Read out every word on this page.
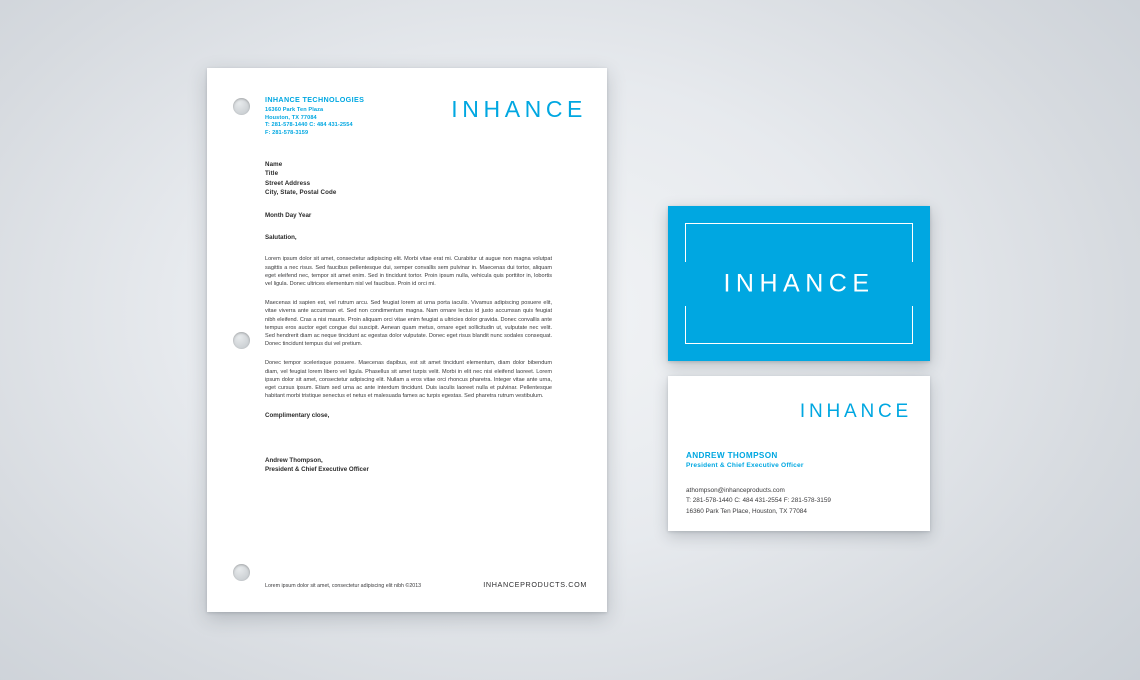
INHANCE TECHNOLOGIES
16360 Park Ten Plaza
Houston, TX 77084
T: 281-578-1440 C: 484 431-2554
F: 281-578-3159
INHANCE
Name
Title
Street Address
City, State, Postal Code
Month Day Year
Salutation,

Lorem ipsum dolor sit amet, consectetur adipiscing elit. Morbi vitae erat mi. Curabitur ut augue non magna volutpat sagittis a nec risus. Sed faucibus pellentesque dui, semper convallis sem pulvinar in. Maecenas dui tortor, aliquam eget eleifend nec, tempor sit amet enim. Sed in tincidunt tortor. Proin ipsum nulla, vehicula quis porttitor in, lobortis vel ligula. Donec ultrices elementum nisl vel faucibus. Proin id orci mi.

Maecenas id sapien est, vel rutrum arcu. Sed feugiat lorem at urna porta iaculis. Vivamus adipiscing posuere elit, vitae viverra ante accumsan et. Sed non condimentum magna. Nam ornare lectus id justo accumsan quis feugiat nibh eleifend. Cras a nisi mauris. Proin aliquam orci vitae enim feugiat a ultricies dolor gravida. Donec convallis ante tempus eros auctor eget congue dui suscipit. Aenean quam metus, ornare eget sollicitudin ut, vulputate nec velit. Sed hendrerit diam ac neque tincidunt ac egestas dolor vulputate. Donec eget risus blandit nunc sodales consequat. Donec tincidunt tempus dui vel pretium.

Donec tempor scelerisque posuere. Maecenas dapibus, est sit amet tincidunt elementum, diam dolor bibendum diam, vel feugiat lorem libero vel ligula. Phasellus sit amet turpis velit. Morbi in elit nec nisi eleifend laoreet. Lorem ipsum dolor sit amet, consectetur adipiscing elit. Nullam a eros vitae orci rhoncus pharetra. Integer vitae ante urna, eget cursus ipsum. Etiam sed urna ac ante interdum tincidunt. Duis iaculis laoreet nulla et pulvinar. Pellentesque habitant morbi tristique senectus et netus et malesuada fames ac turpis egestas. Sed pharetra rutrum vestibulum.

Complimentary close,
Andrew Thompson,
President & Chief Executive Officer
Lorem ipsum dolor sit amet, consectetur adipiscing elit nibh ©2013	INHANCEPRODUCTS.COM
INHANCE
INHANCE
ANDREW THOMPSON
President & Chief Executive Officer
athompson@inhanceproducts.com
T: 281-578-1440 C: 484 431-2554 F: 281-578-3159
16360 Park Ten Place, Houston, TX 77084
